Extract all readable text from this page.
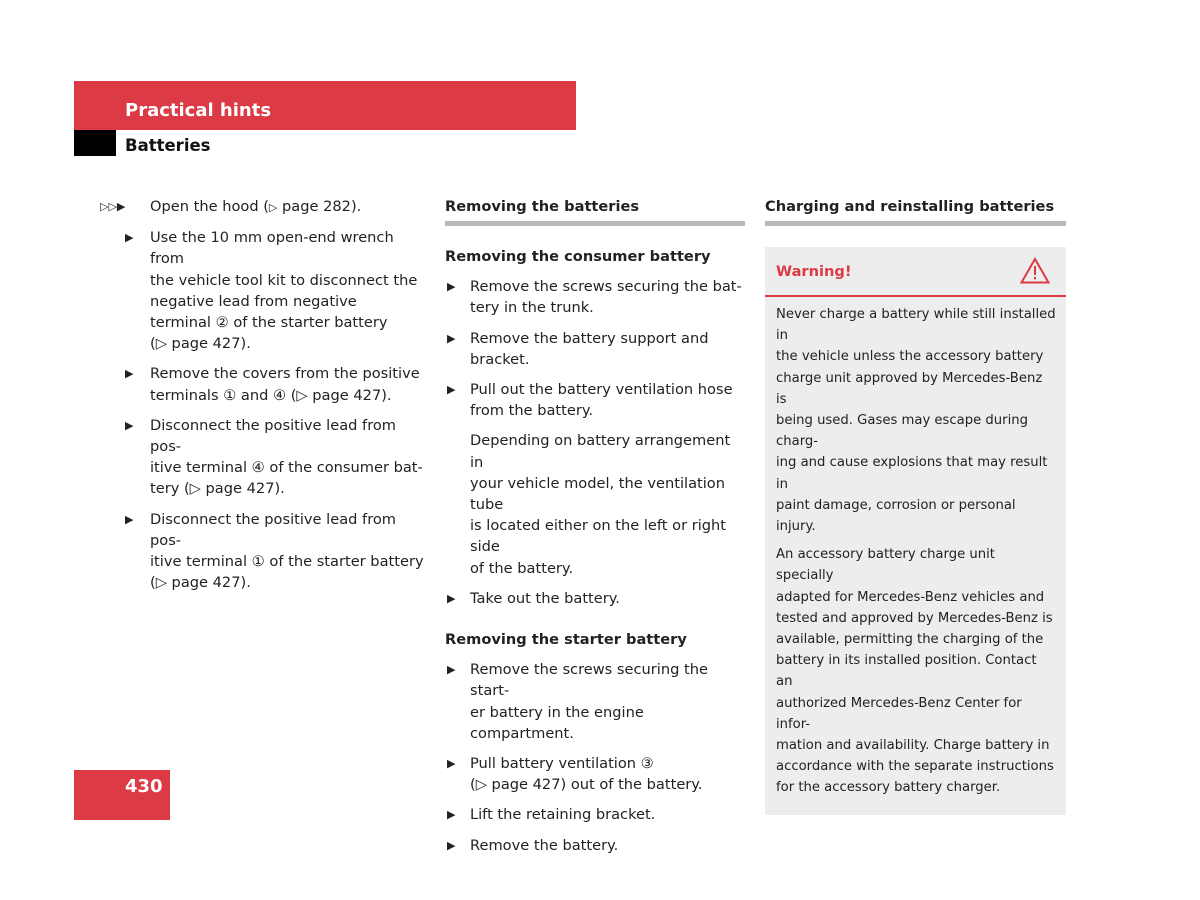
Practical hints
Batteries
▷▷▶ Open the hood (▷ page 282).
▶ Use the 10 mm open-end wrench from
the vehicle tool kit to disconnect the
negative lead from negative
terminal ② of the starter battery
(▷ page 427).
▶ Remove the covers from the positive
terminals ① and ④ (▷ page 427).
▶ Disconnect the positive lead from pos-
itive terminal ④ of the consumer bat-
tery (▷ page 427).
▶ Disconnect the positive lead from pos-
itive terminal ① of the starter battery
(▷ page 427).
Removing the batteries
Removing the consumer battery
▶ Remove the screws securing the bat-
tery in the trunk.
▶ Remove the battery support and
bracket.
▶ Pull out the battery ventilation hose
from the battery.
Depending on battery arrangement in
your vehicle model, the ventilation tube
is located either on the left or right side
of the battery.
▶ Take out the battery.
Removing the starter battery
▶ Remove the screws securing the start-
er battery in the engine compartment.
▶ Pull battery ventilation ③
(▷ page 427) out of the battery.
▶ Lift the retaining bracket.
▶ Remove the battery.
Charging and reinstalling batteries
Warning!
Never charge a battery while still installed in
the vehicle unless the accessory battery
charge unit approved by Mercedes-Benz is
being used. Gases may escape during charg-
ing and cause explosions that may result in
paint damage, corrosion or personal injury.
An accessory battery charge unit specially
adapted for Mercedes-Benz vehicles and
tested and approved by Mercedes-Benz is
available, permitting the charging of the
battery in its installed position. Contact an
authorized Mercedes-Benz Center for infor-
mation and availability. Charge battery in
accordance with the separate instructions
for the accessory battery charger.
430
